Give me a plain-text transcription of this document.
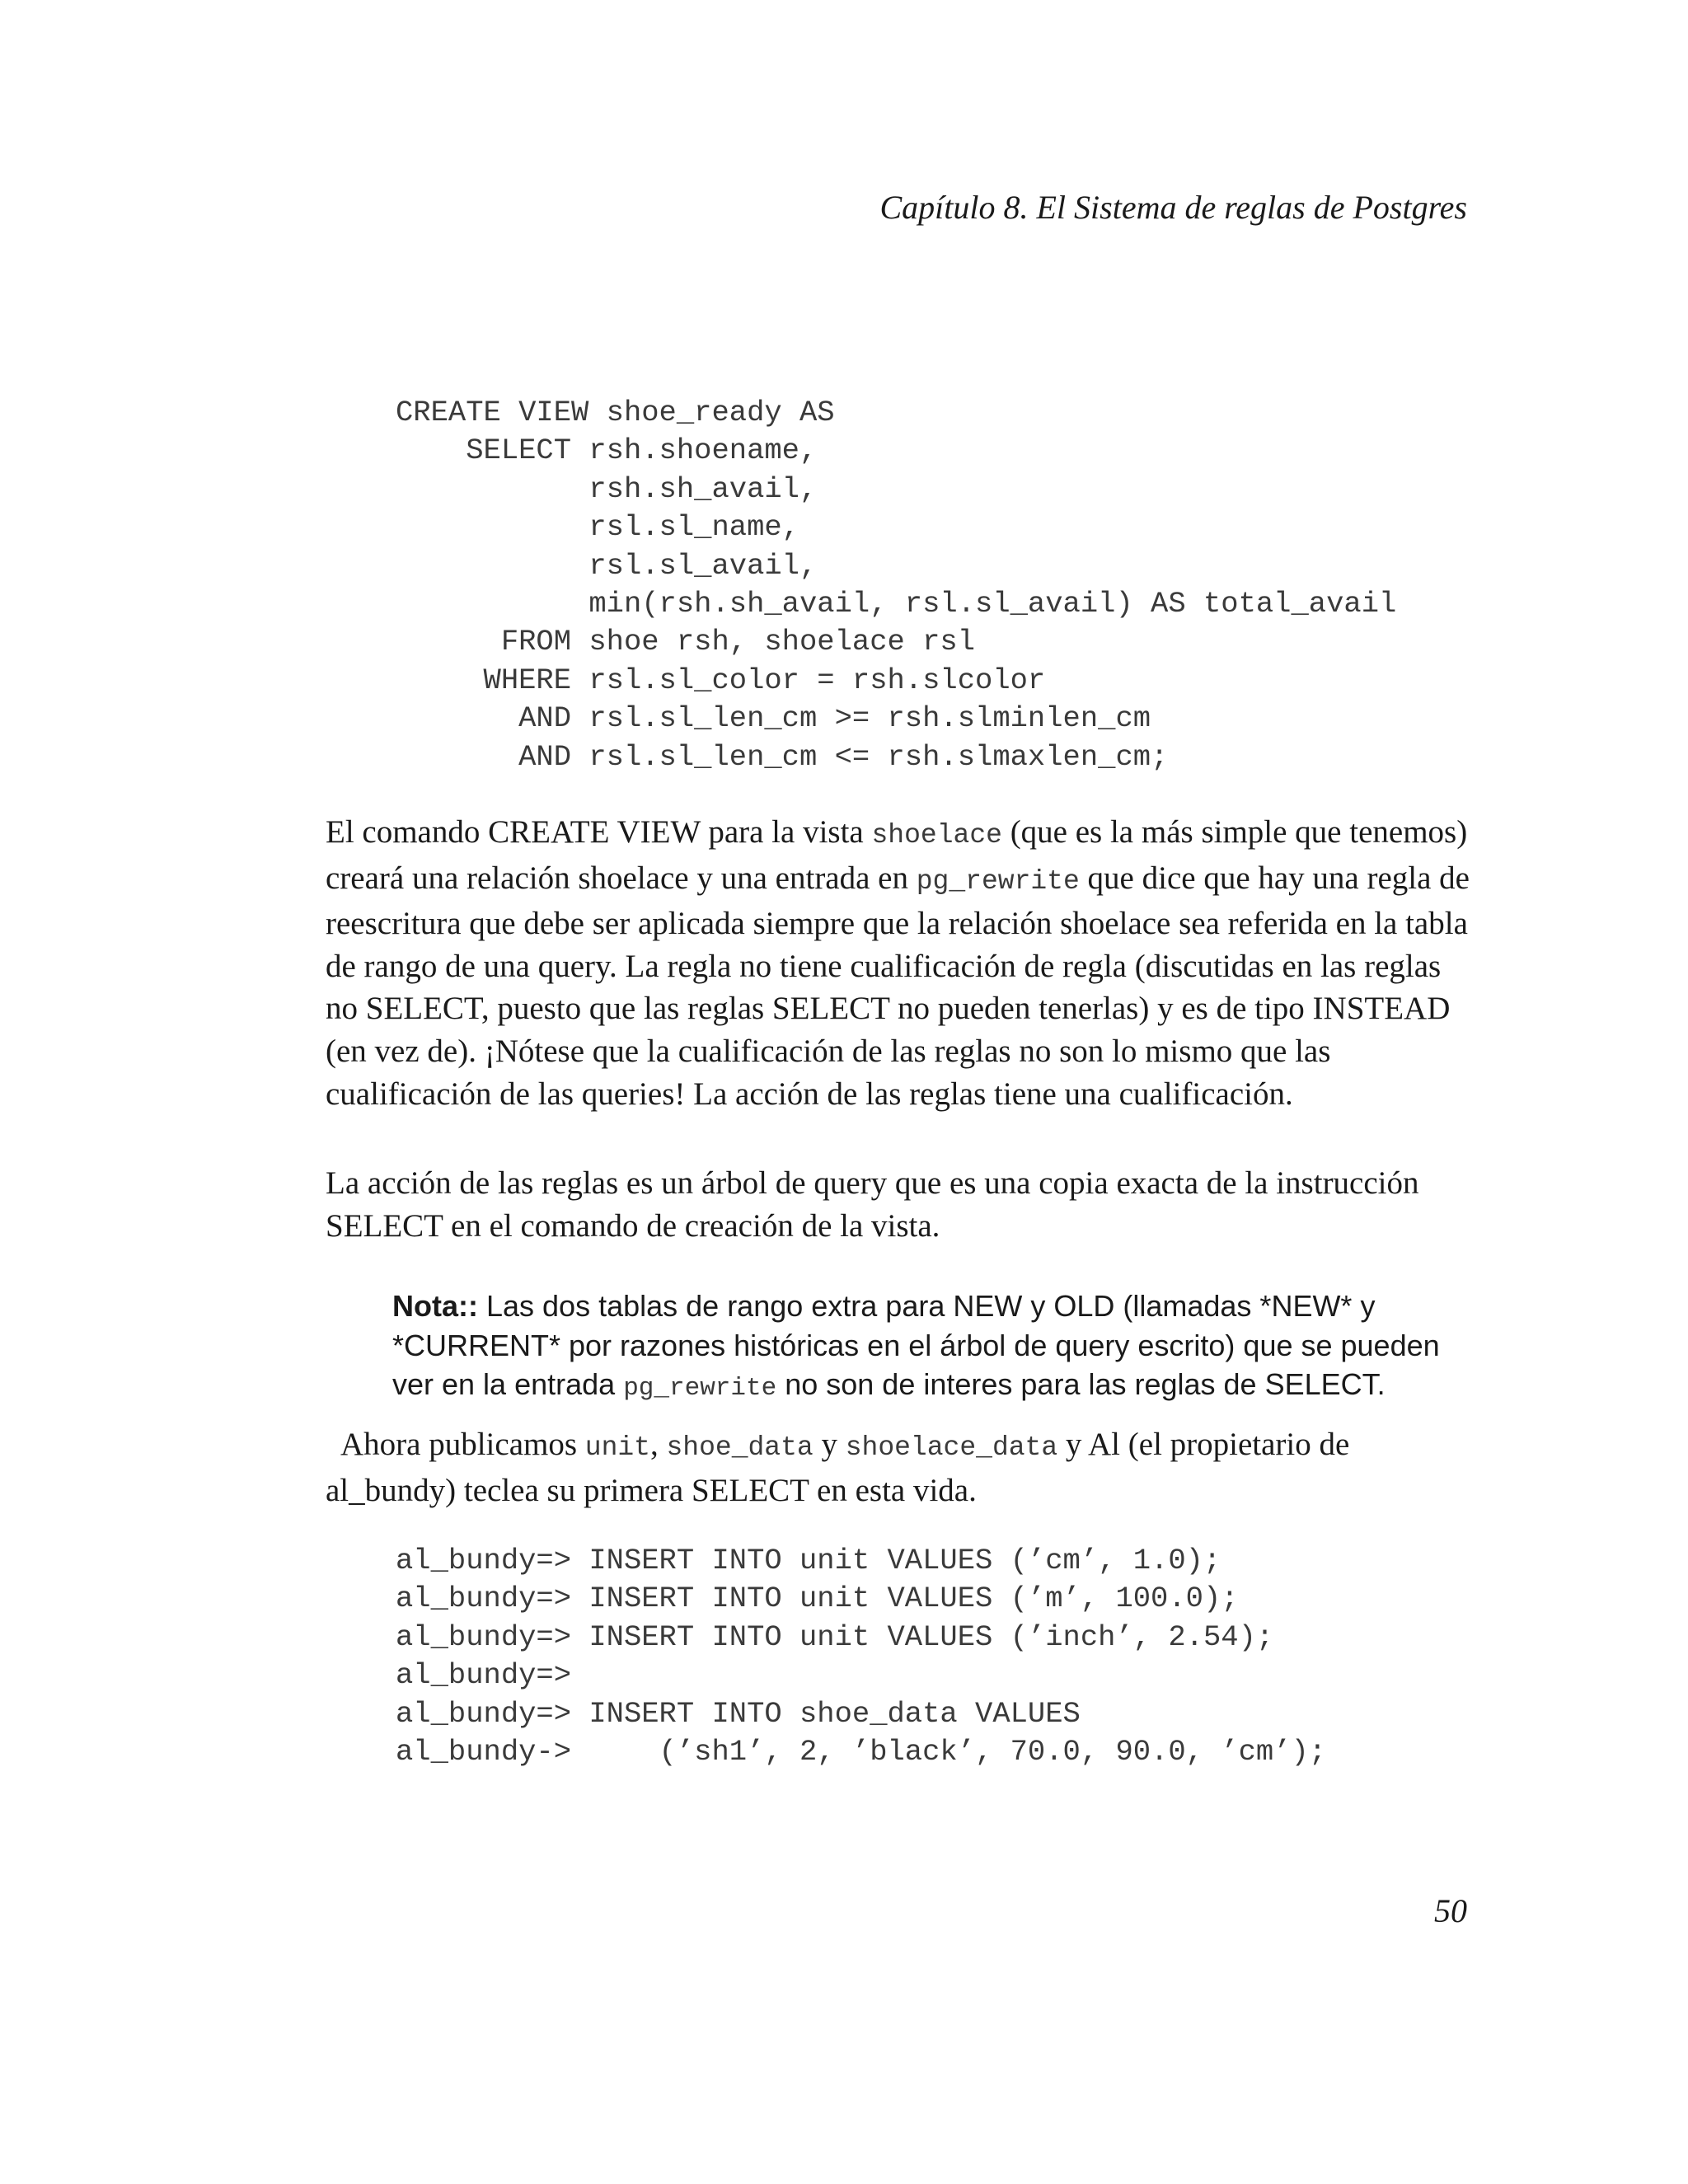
Capítulo 8. El Sistema de reglas de Postgres
CREATE VIEW shoe_ready AS
SELECT rsh.shoename,
rsh.sh_avail,
rsl.sl_name,
rsl.sl_avail,
min(rsh.sh_avail, rsl.sl_avail) AS total_avail
FROM shoe rsh, shoelace rsl
WHERE rsl.sl_color = rsh.slcolor
AND rsl.sl_len_cm >= rsh.slminlen_cm
AND rsl.sl_len_cm <= rsh.slmaxlen_cm;

El comando CREATE VIEW para la vista shoelace (que es la más simple que tenemos) creará una relación shoelace y una entrada en pg_rewrite que dice que hay una regla de reescritura que debe ser aplicada siempre que la relación shoelace sea referida en la tabla de rango de una query. La regla no tiene cualificación de regla (discutidas en las reglas no SELECT, puesto que las reglas SELECT no pueden tenerlas) y es de tipo INSTEAD (en vez de). ¡Nótese que la cualificación de las reglas no son lo mismo que las cualificación de las queries! La acción de las reglas tiene una cualificación.

La acción de las reglas es un árbol de query que es una copia exacta de la instrucción SELECT en el comando de creación de la vista.

Nota:: Las dos tablas de rango extra para NEW y OLD (llamadas *NEW* y *CURRENT* por razones históricas en el árbol de query escrito) que se pueden ver en la entrada pg_rewrite no son de interes para las reglas de SELECT.

Ahora publicamos unit, shoe_data y shoelace_data y Al (el propietario de al_bundy) teclea su primera SELECT en esta vida.

al_bundy=> INSERT INTO unit VALUES (’cm’, 1.0);
al_bundy=> INSERT INTO unit VALUES (’m’, 100.0);
al_bundy=> INSERT INTO unit VALUES (’inch’, 2.54);
al_bundy=>
al_bundy=> INSERT INTO shoe_data VALUES
al_bundy->     (’sh1’, 2, ’black’, 70.0, 90.0, ’cm’);
50
